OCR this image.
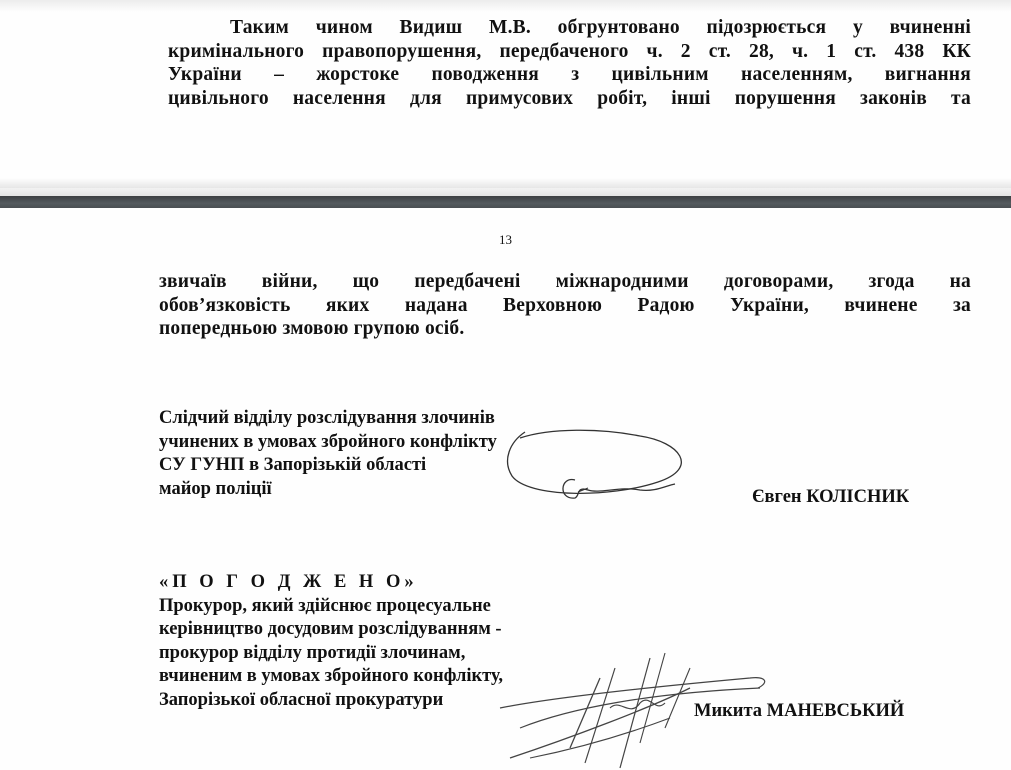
Таким чином Видиш М.В. обгрунтовано підозрюється у вчиненні
кримінального правопорушення, передбаченого ч. 2 ст. 28, ч. 1 ст. 438 КК
України – жорстоке поводження з цивільним населенням, вигнання
цивільного населення для примусових робіт, інші порушення законів та
13
звичаїв війни, що передбачені міжнародними договорами, згода на
обов’язковість яких надана Верховною Радою України, вчинене за
попередньою змовою групою осіб.
Слідчий відділу розслідування злочинів
учинених в умовах збройного конфлікту
СУ ГУНП в Запорізькій області
майор поліції	Євген КОЛІСНИК
«П О Г О Д Ж Е Н О»
Прокурор, який здійснює процесуальне
керівництво досудовим розслідуванням -
прокурор відділу протидії злочинам,
вчиненим в умовах збройного конфлікту,
Запорізької обласної прокуратури
Микита МАНЕВСЬКИЙ
